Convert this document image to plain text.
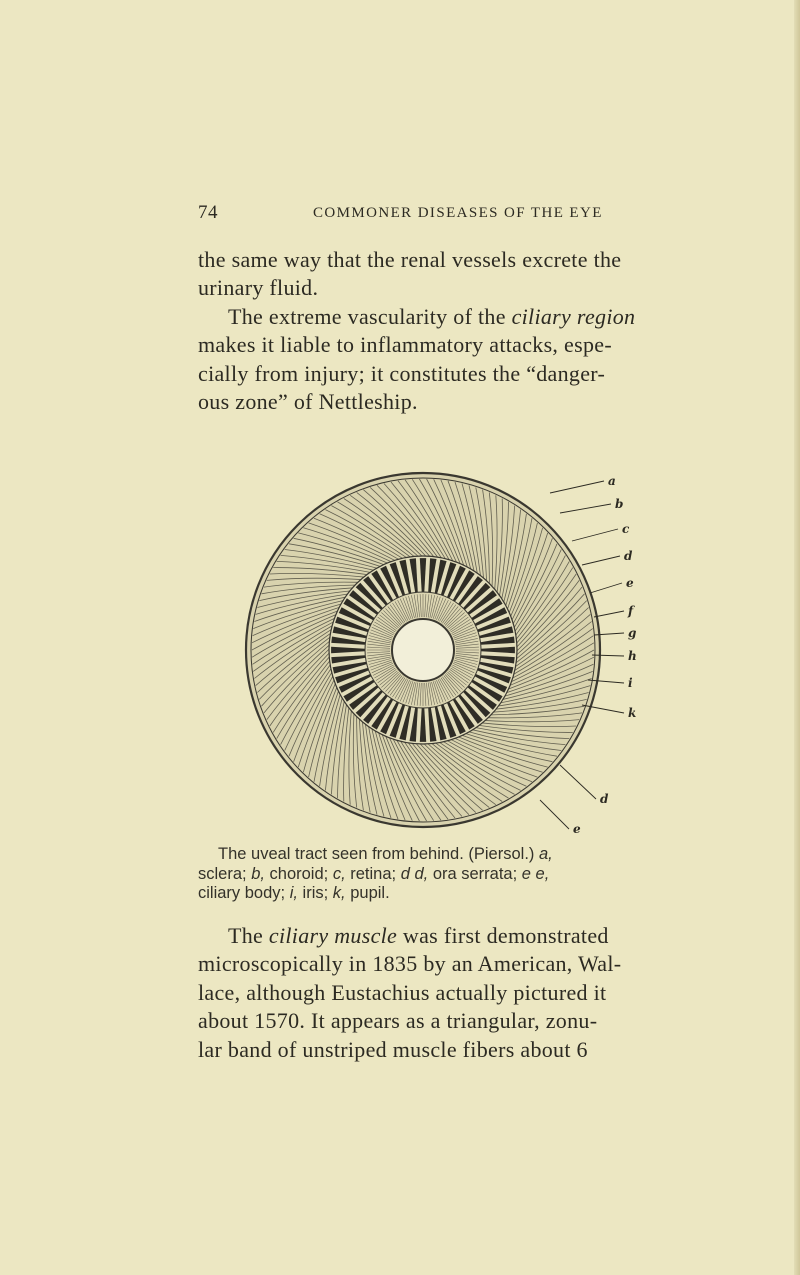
74	COMMONER DISEASES OF THE EYE

the same way that the renal vessels excrete the
urinary fluid.

The extreme vascularity of the ciliary region
makes it liable to inflammatory attacks, espe-
cially from injury; it constitutes the “danger-
ous zone” of Nettleship.

a
b
c
d
e
f
g
h
i
k
d
e
The uveal tract seen from behind. (Piersol.) a,
sclera; b, choroid; c, retina; d d, ora serrata; e e,
ciliary body; i, iris; k, pupil.

The ciliary muscle was first demonstrated
microscopically in 1835 by an American, Wal-
lace, although Eustachius actually pictured it
about 1570. It appears as a triangular, zonu-
lar band of unstriped muscle fibers about 6
